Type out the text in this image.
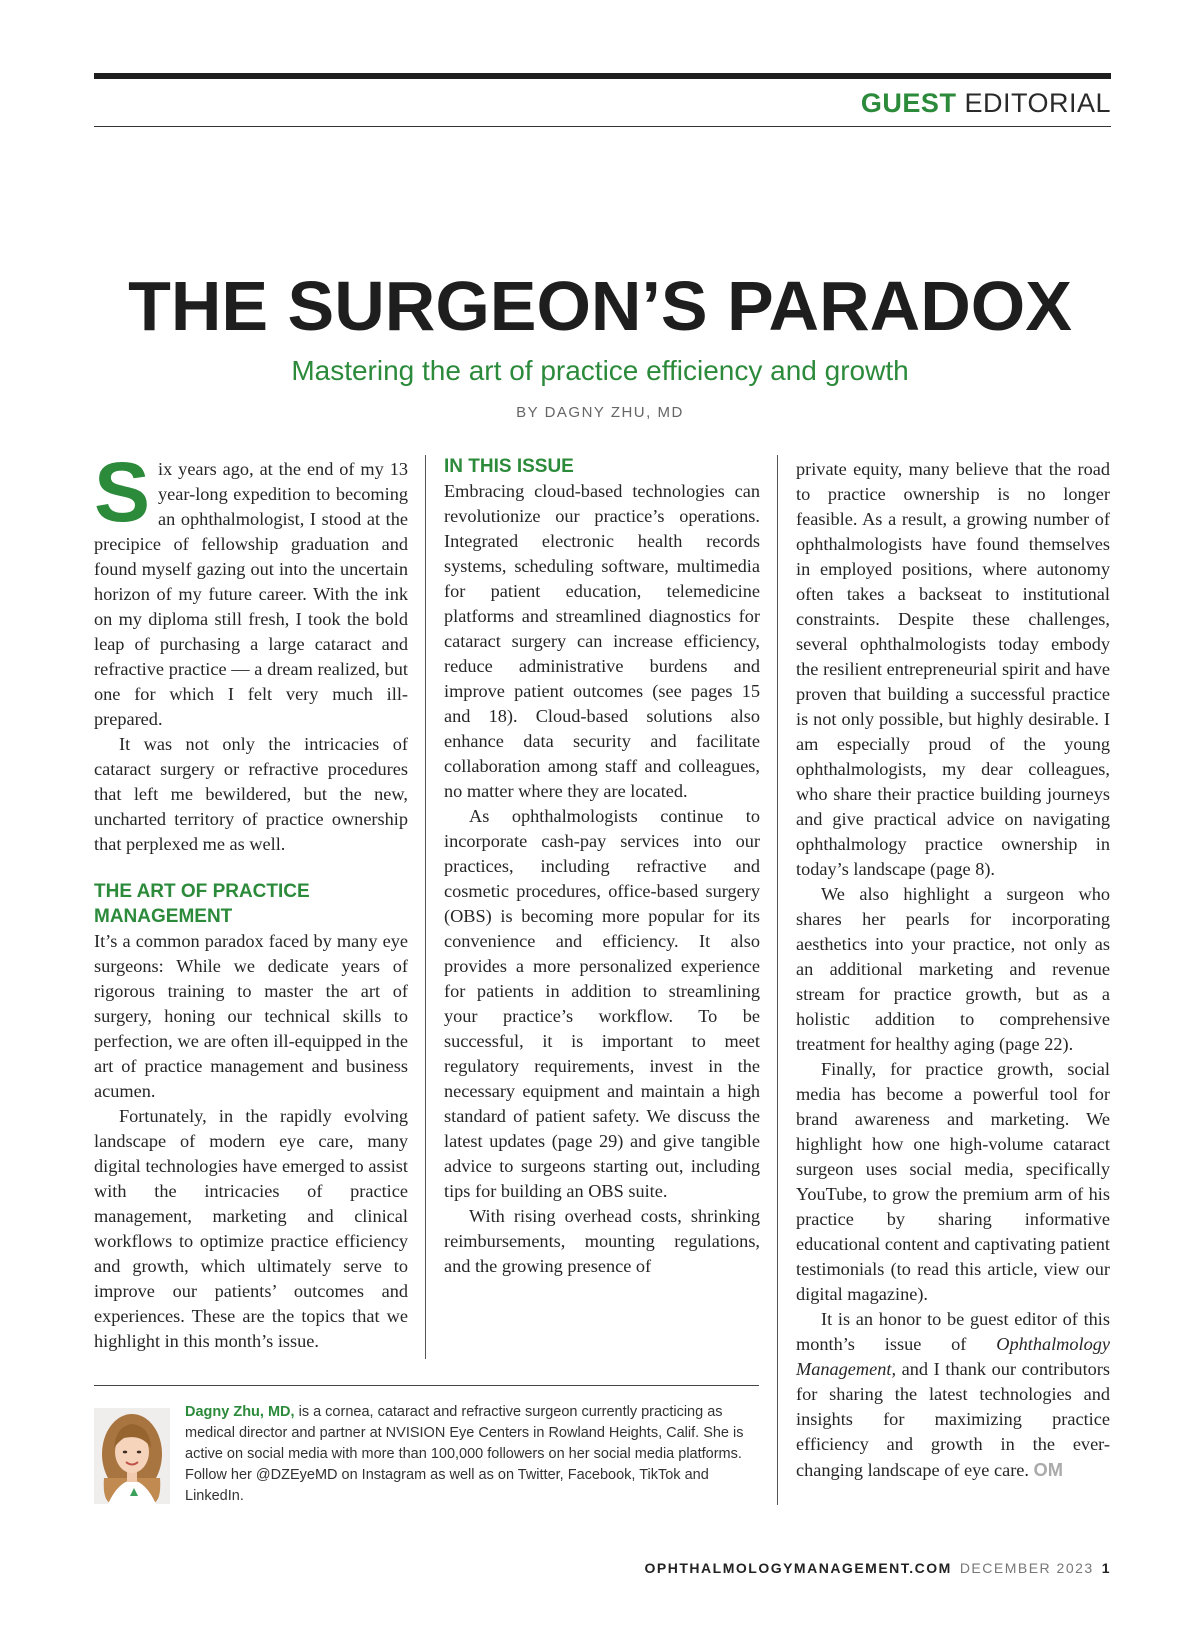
GUEST EDITORIAL
THE SURGEON’S PARADOX
Mastering the art of practice efficiency and growth
BY DAGNY ZHU, MD

Six years ago, at the end of my 13 year-long expedition to becoming an ophthalmologist, I stood at the precipice of fellowship graduation and found myself gazing out into the uncertain horizon of my future career. With the ink on my diploma still fresh, I took the bold leap of purchasing a large cataract and refractive practice — a dream realized, but one for which I felt very much ill-prepared.

It was not only the intricacies of cataract surgery or refractive procedures that left me bewildered, but the new, uncharted territory of practice ownership that perplexed me as well.

THE ART OF PRACTICE MANAGEMENT

It’s a common paradox faced by many eye surgeons: While we dedicate years of rigorous training to master the art of surgery, honing our technical skills to perfection, we are often ill-equipped in the art of practice management and business acumen.

Fortunately, in the rapidly evolving landscape of modern eye care, many digital technologies have emerged to assist with the intricacies of practice management, marketing and clinical workflows to optimize practice efficiency and growth, which ultimately serve to improve our patients’ outcomes and experiences. These are the topics that we highlight in this month’s issue.

IN THIS ISSUE

Embracing cloud-based technologies can revolutionize our practice’s operations. Integrated electronic health records systems, scheduling software, multimedia for patient education, telemedicine platforms and streamlined diagnostics for cataract surgery can increase efficiency, reduce administrative burdens and improve patient outcomes (see pages 15 and 18). Cloud-based solutions also enhance data security and facilitate collaboration among staff and colleagues, no matter where they are located.

As ophthalmologists continue to incorporate cash-pay services into our practices, including refractive and cosmetic procedures, office-based surgery (OBS) is becoming more popular for its convenience and efficiency. It also provides a more personalized experience for patients in addition to streamlining your practice’s workflow. To be successful, it is important to meet regulatory requirements, invest in the necessary equipment and maintain a high standard of patient safety. We discuss the latest updates (page 29) and give tangible advice to surgeons starting out, including tips for building an OBS suite.

With rising overhead costs, shrinking reimbursements, mounting regulations, and the growing presence of

private equity, many believe that the road to practice ownership is no longer feasible. As a result, a growing number of ophthalmologists have found themselves in employed positions, where autonomy often takes a backseat to institutional constraints. Despite these challenges, several ophthalmologists today embody the resilient entrepreneurial spirit and have proven that building a successful practice is not only possible, but highly desirable. I am especially proud of the young ophthalmologists, my dear colleagues, who share their practice building journeys and give practical advice on navigating ophthalmology practice ownership in today’s landscape (page 8).

We also highlight a surgeon who shares her pearls for incorporating aesthetics into your practice, not only as an additional marketing and revenue stream for practice growth, but as a holistic addition to comprehensive treatment for healthy aging (page 22).

Finally, for practice growth, social media has become a powerful tool for brand awareness and marketing. We highlight how one high-volume cataract surgeon uses social media, specifically YouTube, to grow the premium arm of his practice by sharing informative educational content and captivating patient testimonials (to read this article, view our digital magazine).

It is an honor to be guest editor of this month’s issue of Ophthalmology Management, and I thank our contributors for sharing the latest technologies and insights for maximizing practice efficiency and growth in the ever-changing landscape of eye care. OM

Dagny Zhu, MD, is a cornea, cataract and refractive surgeon currently practicing as medical director and partner at NVISION Eye Centers in Rowland Heights, Calif. She is active on social media with more than 100,000 followers on her social media platforms. Follow her @DZEyeMD on Instagram as well as on Twitter, Facebook, TikTok and LinkedIn.
OPHTHALMOLOGYMANAGEMENT.COM DECEMBER 2023 1
